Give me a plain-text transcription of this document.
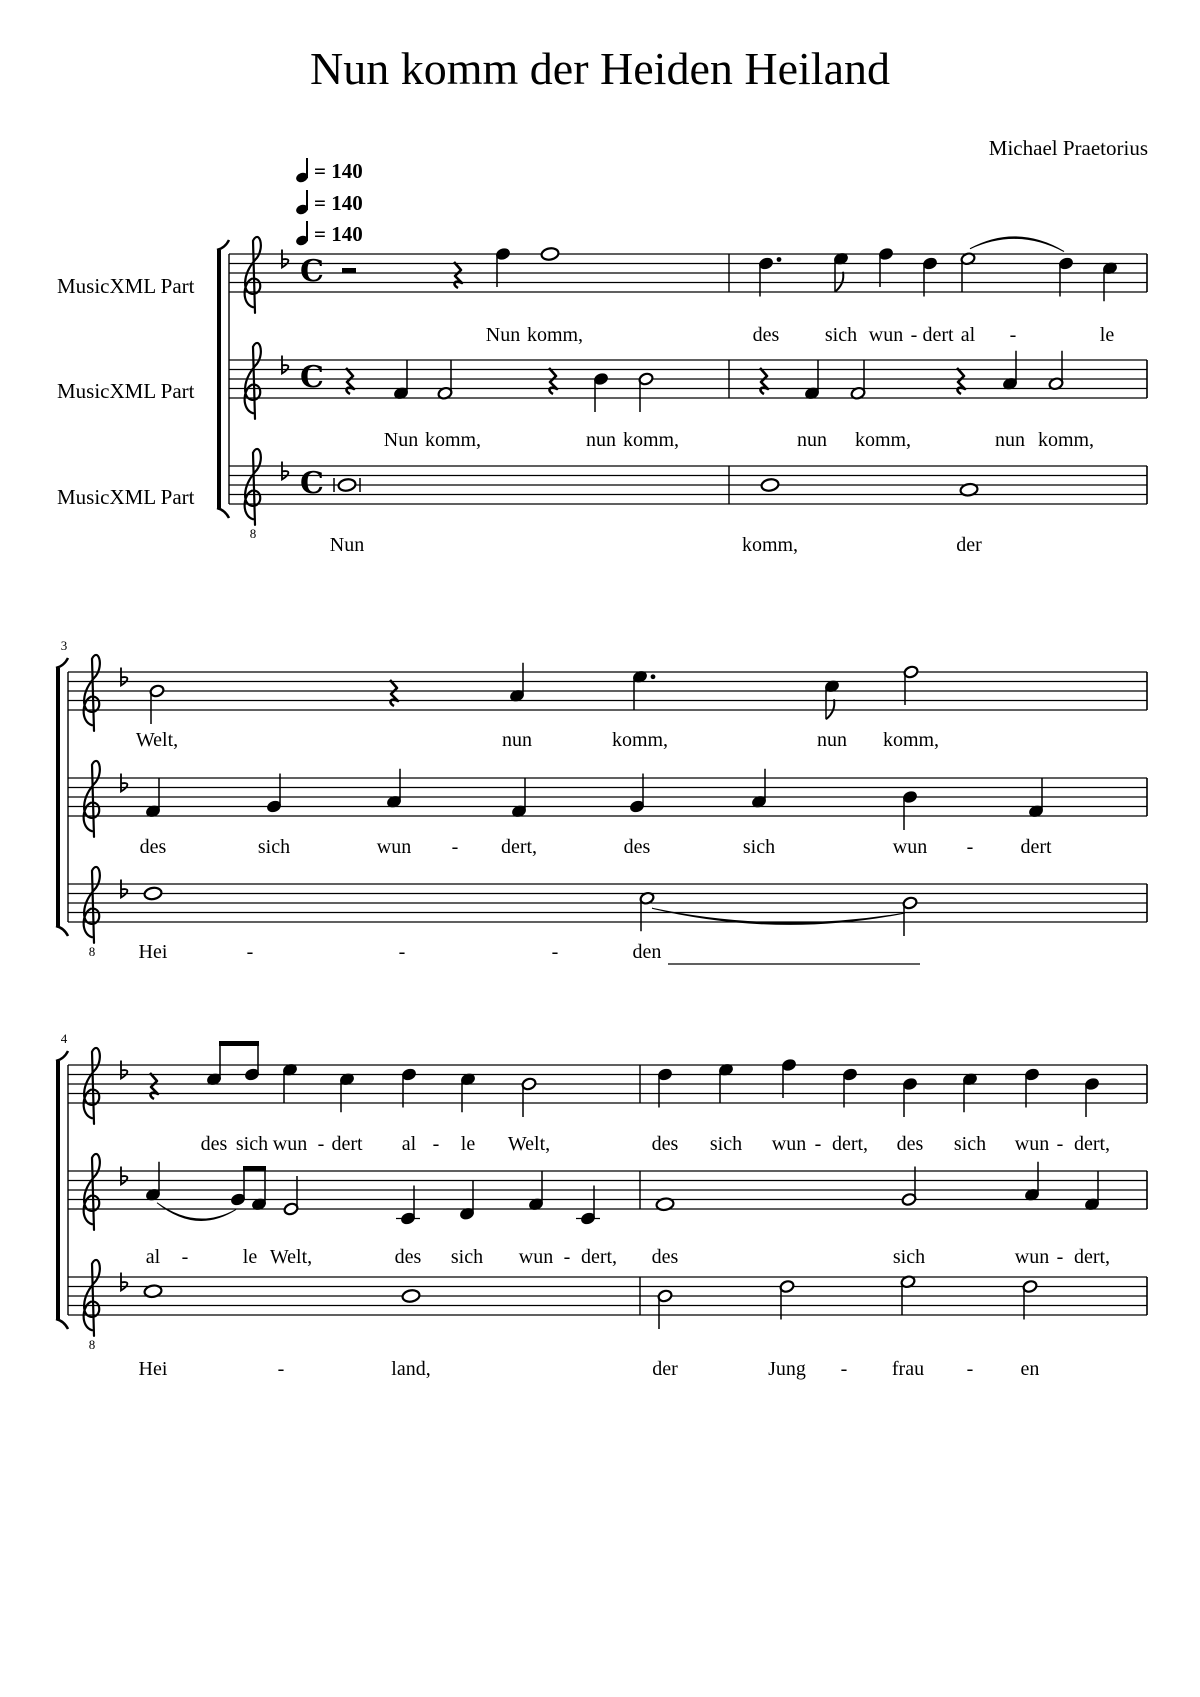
Nun komm der Heiden Heiland
Michael Praetorius
= 140
= 140
= 140
MusicXML Part
MusicXML Part
MusicXML Part
C
C
8
C
8
8
3
4
Nun komm,	des sich wun - dert al -	le
Nun komm,	nun komm,	nun komm,	nun komm,
Nun	komm,	der
Welt,	nun	komm,	nun komm,
des	sich	wun - dert,	des	sich	wun - dert
Hei	-	-	-	den
des sich wun - dert al - le Welt,	des sich wun - dert, des sich wun - dert,
al -	le Welt,	des sich wun - dert, des	sich	wun - dert,
Hei	-	land,	der	Jung - frau - en
